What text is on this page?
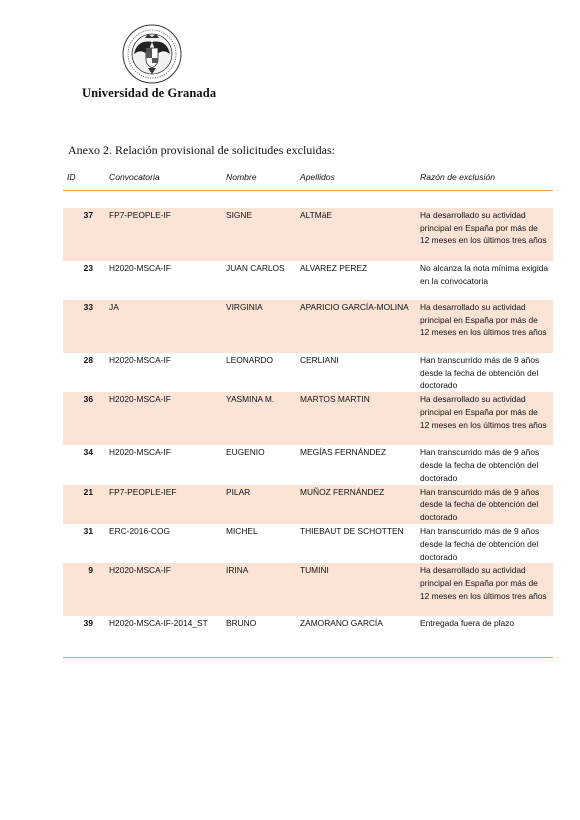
Universidad de Granada
Anexo 2. Relación provisional de solicitudes excluidas:
ID	Convocatoria	Nombre	Apellidos	Razón de exclusión

37	FP7-PEOPLE-IF	SIGNE	ALTMäE	Ha desarrollado su actividad principal en España por más de 12 meses en los últimos tres años
23	H2020-MSCA-IF	JUAN CARLOS	ALVAREZ PEREZ	No alcanza la nota mínima exigida en la convocatoria
33	JA	VIRGINIA	APARICIO GARCÍA-MOLINA	Ha desarrollado su actividad principal en España por más de 12 meses en los últimos tres años
28	H2020-MSCA-IF	LEONARDO	CERLIANI	Han transcurrido más de 9 años desde la fecha de obtención del doctorado
36	H2020-MSCA-IF	YASMINA M.	MARTOS MARTIN	Ha desarrollado su actividad principal en España por más de 12 meses en los últimos tres años
34	H2020-MSCA-IF	EUGENIO	MEGÍAS FERNÁNDEZ	Han transcurrido más de 9 años desde la fecha de obtención del doctorado
21	FP7-PEOPLE-IEF	PILAR	MUÑOZ FERNÁNDEZ	Han transcurrido más de 9 años desde la fecha de obtención del doctorado
31	ERC-2016-COG	MICHEL	THIEBAUT DE SCHOTTEN	Han transcurrido más de 9 años desde la fecha de obtención del doctorado
9	H2020-MSCA-IF	IRINA	TUMINI	Ha desarrollado su actividad principal en España por más de 12 meses en los últimos tres años
39	H2020-MSCA-IF-2014_ST	BRUNO	ZAMORANO GARCÍA	Entregada fuera de plazo
